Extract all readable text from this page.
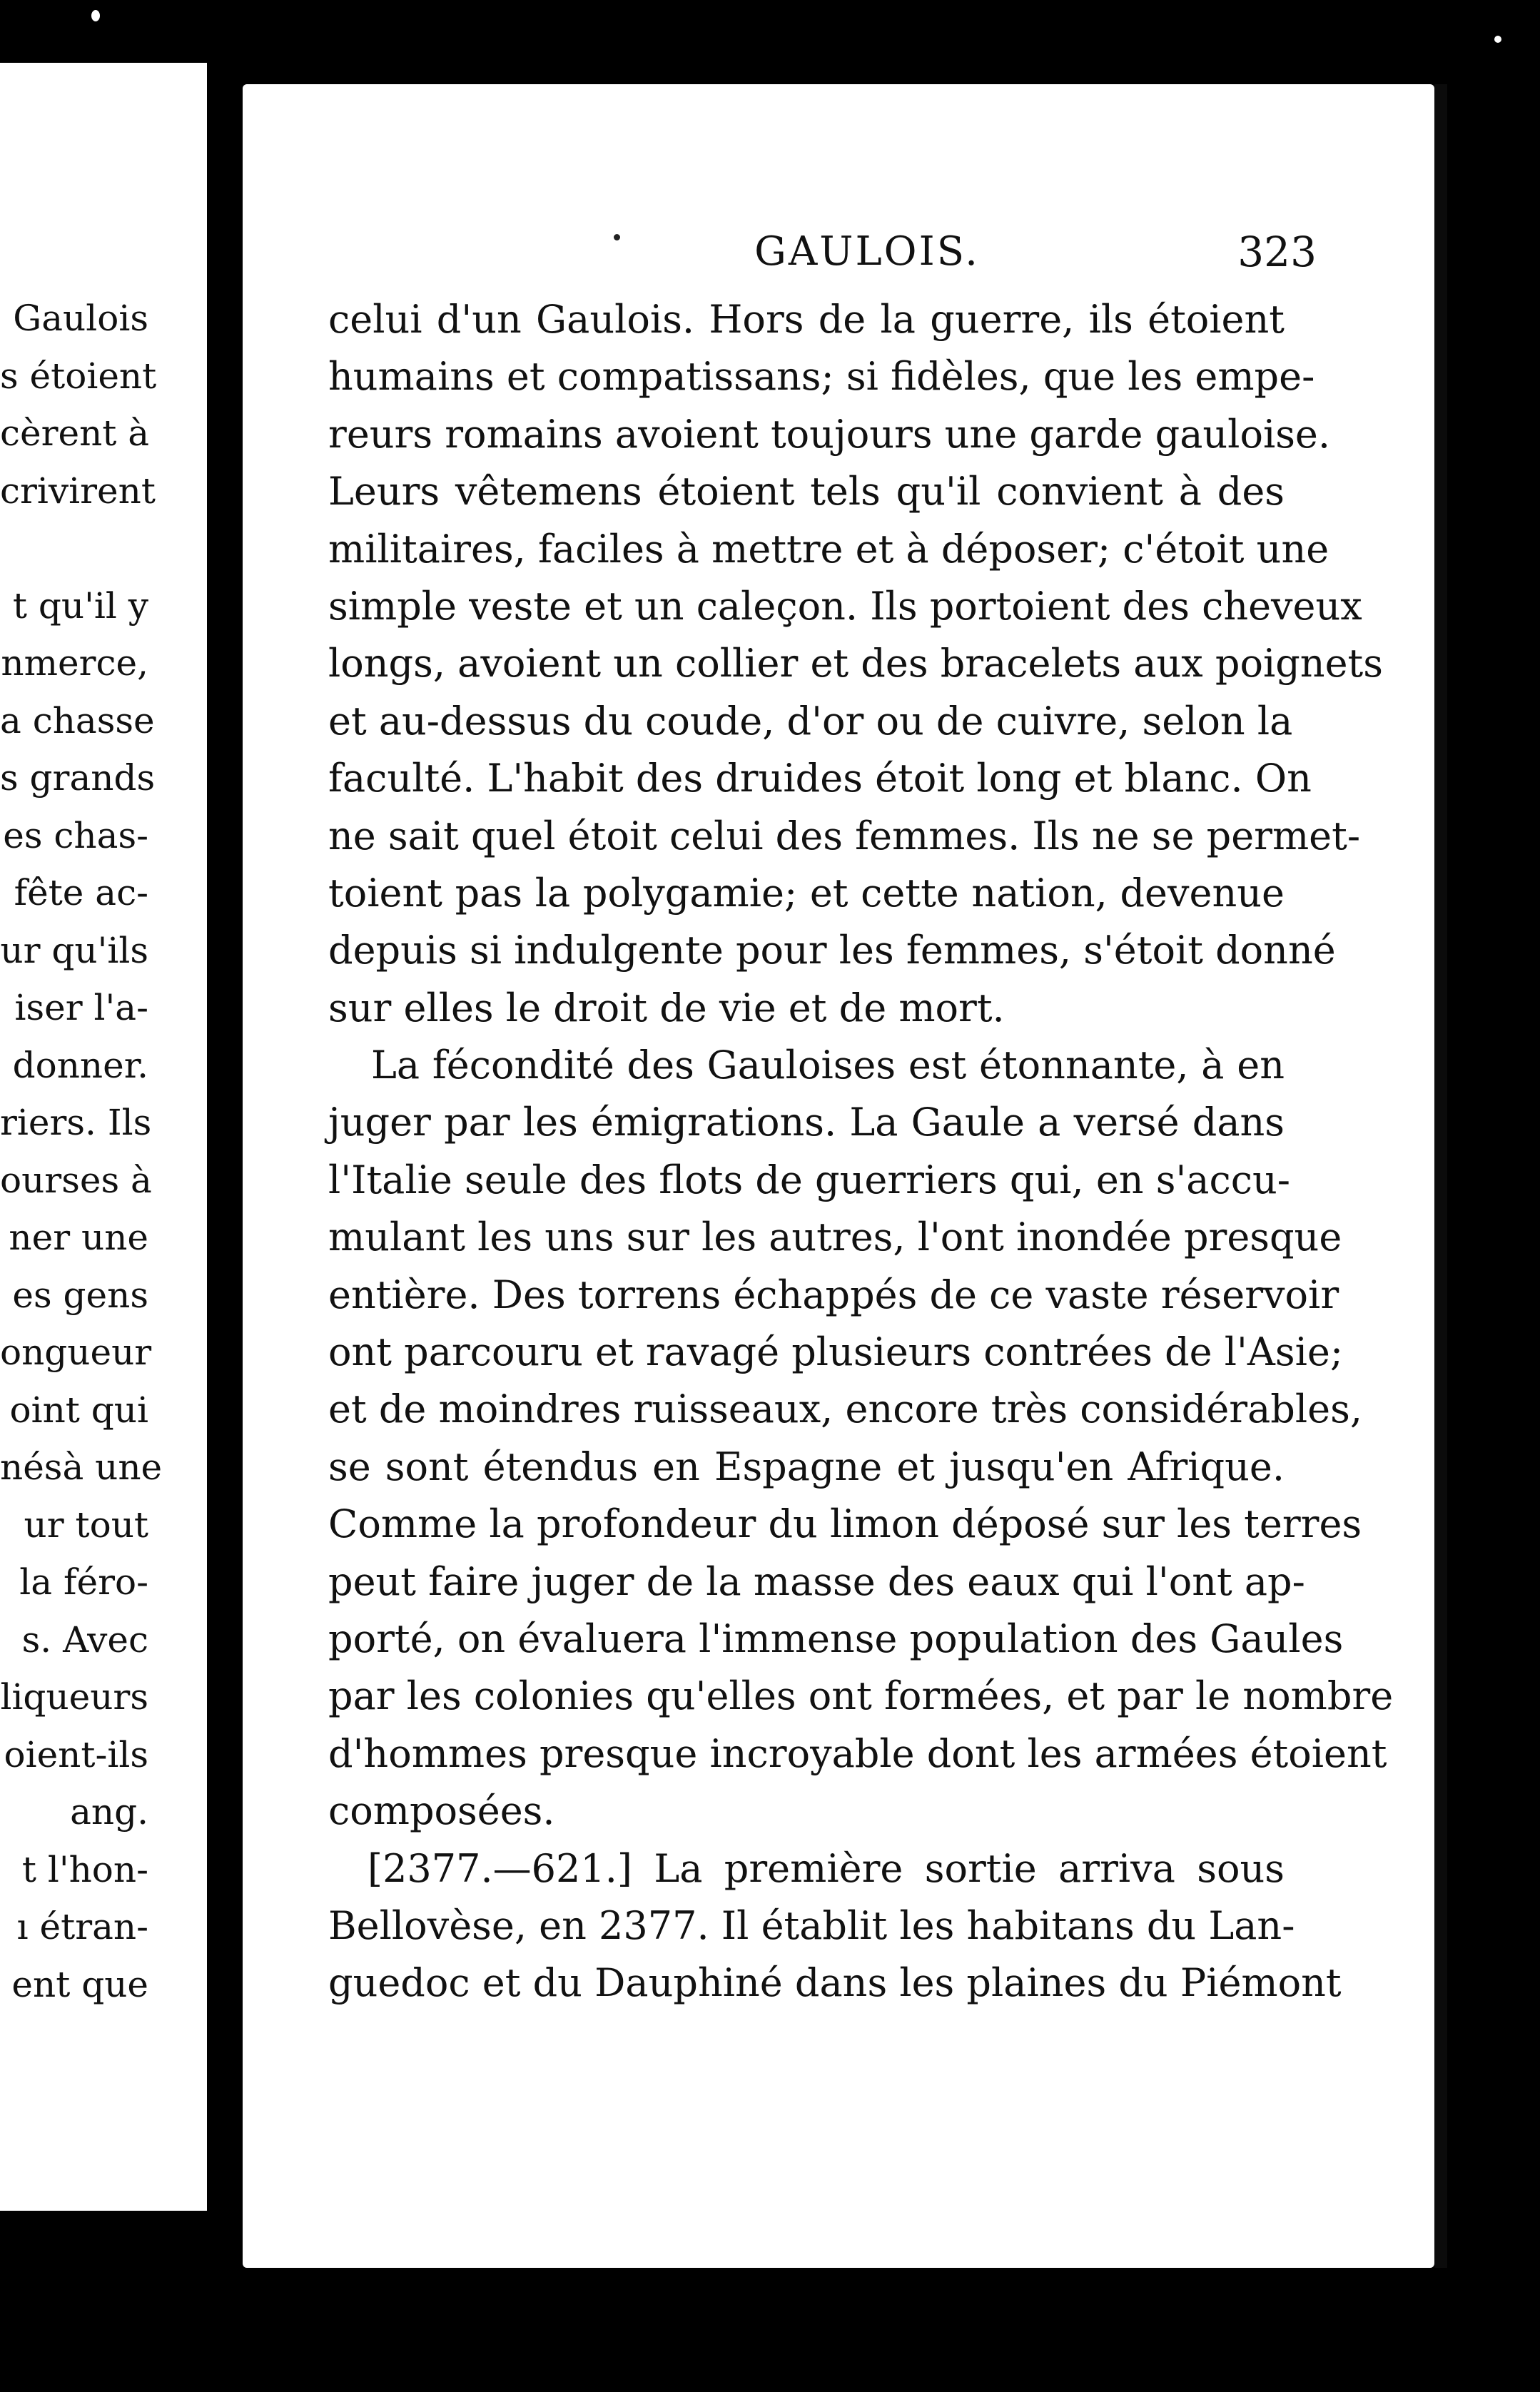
Gaulois
s étoient
cèrent à
crivirent
t qu'il y
nmerce,
a chasse
s grands
es chas-
fête ac-
ur qu'ils
iser l'a-
donner.
riers. Ils
ourses à
ner une
es gens
ongueur
oint qui
nésà une
ur tout
la féro-
s. Avec
liqueurs
oient-ils
ang.
t l'hon-
ı étran-
ent que
GAULOIS.	323
celui d'un Gaulois. Hors de la guerre, ils étoient
humains et compatissans; si fidèles, que les empe-
reurs romains avoient toujours une garde gauloise.
Leurs vêtemens étoient tels qu'il convient à des
militaires, faciles à mettre et à déposer; c'étoit une
simple veste et un caleçon. Ils portoient des cheveux
longs, avoient un collier et des bracelets aux poignets
et au-dessus du coude, d'or ou de cuivre, selon la
faculté. L'habit des druides étoit long et blanc. On
ne sait quel étoit celui des femmes. Ils ne se permet-
toient pas la polygamie; et cette nation, devenue
depuis si indulgente pour les femmes, s'étoit donné
sur elles le droit de vie et de mort.
La fécondité des Gauloises est étonnante, à en
juger par les émigrations. La Gaule a versé dans
l'Italie seule des flots de guerriers qui, en s'accu-
mulant les uns sur les autres, l'ont inondée presque
entière. Des torrens échappés de ce vaste réservoir
ont parcouru et ravagé plusieurs contrées de l'Asie;
et de moindres ruisseaux, encore très considérables,
se sont étendus en Espagne et jusqu'en Afrique.
Comme la profondeur du limon déposé sur les terres
peut faire juger de la masse des eaux qui l'ont ap-
porté, on évaluera l'immense population des Gaules
par les colonies qu'elles ont formées, et par le nombre
d'hommes presque incroyable dont les armées étoient
composées.
[2377.—621.] La première sortie arriva sous
Bellovèse, en 2377. Il établit les habitans du Lan-
guedoc et du Dauphiné dans les plaines du Piémont
